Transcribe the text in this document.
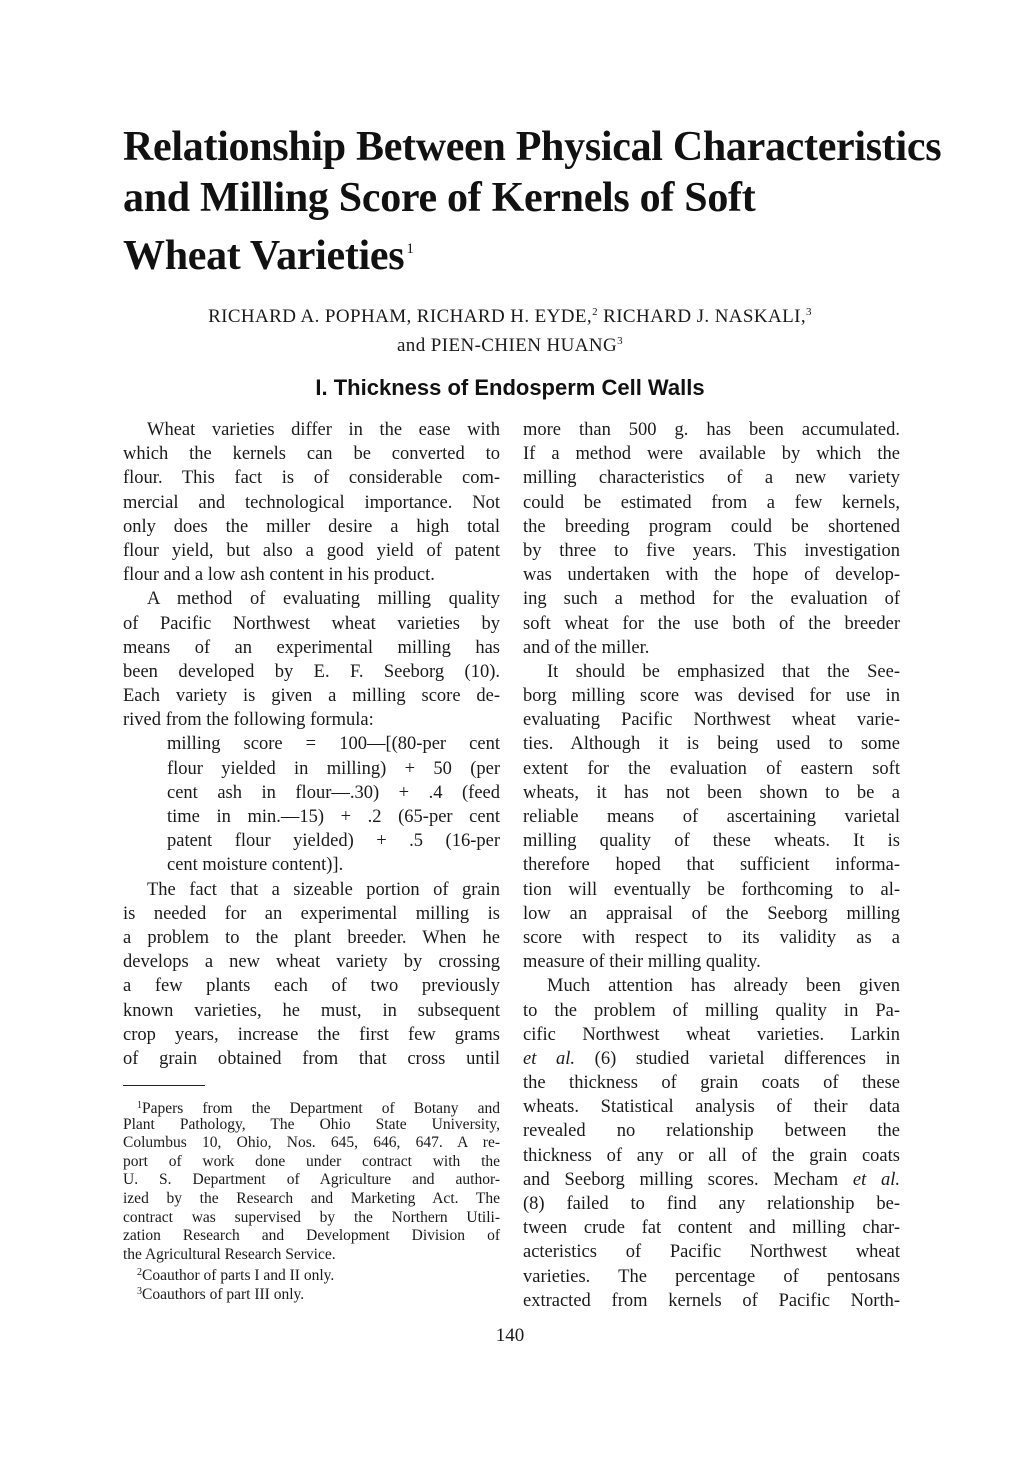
Relationship Between Physical Characteristics
and Milling Score of Kernels of Soft
Wheat Varieties $^1$
RICHARD A. POPHAM, RICHARD H. EYDE,$^2$ RICHARD J. NASKALI,$^3$
and PIEN-CHIEN HUANG$^3$
I. Thickness of Endosperm Cell Walls
Wheat varieties differ in the ease with
which the kernels can be converted to
flour. This fact is of considerable com-
mercial and technological importance. Not
only does the miller desire a high total
flour yield, but also a good yield of patent
flour and a low ash content in his product.
A method of evaluating milling quality
of Pacific Northwest wheat varieties by
means of an experimental milling has
been developed by E. F. Seeborg (10).
Each variety is given a milling score de-
rived from the following formula:
milling score = 100—[(80-per cent
flour yielded in milling) + 50 (per
cent ash in flour—.30) + .4 (feed
time in min.—15) + .2 (65-per cent
patent flour yielded) + .5 (16-per
cent moisture content)].
The fact that a sizeable portion of grain
is needed for an experimental milling is
a problem to the plant breeder. When he
develops a new wheat variety by crossing
a few plants each of two previously
known varieties, he must, in subsequent
crop years, increase the first few grams
of grain obtained from that cross until
$^1$Papers from the Department of Botany and
Plant Pathology, The Ohio State University,
Columbus 10, Ohio, Nos. 645, 646, 647. A re-
port of work done under contract with the
U. S. Department of Agriculture and author-
ized by the Research and Marketing Act. The
contract was supervised by the Northern Utili-
zation Research and Development Division of
the Agricultural Research Service.
$^2$Coauthor of parts I and II only.
$^3$Coauthors of part III only.
more than 500 g. has been accumulated.
If a method were available by which the
milling characteristics of a new variety
could be estimated from a few kernels,
the breeding program could be shortened
by three to five years. This investigation
was undertaken with the hope of develop-
ing such a method for the evaluation of
soft wheat for the use both of the breeder
and of the miller.
It should be emphasized that the See-
borg milling score was devised for use in
evaluating Pacific Northwest wheat varie-
ties. Although it is being used to some
extent for the evaluation of eastern soft
wheats, it has not been shown to be a
reliable means of ascertaining varietal
milling quality of these wheats. It is
therefore hoped that sufficient informa-
tion will eventually be forthcoming to al-
low an appraisal of the Seeborg milling
score with respect to its validity as a
measure of their milling quality.
Much attention has already been given
to the problem of milling quality in Pa-
cific Northwest wheat varieties. Larkin
et al. (6) studied varietal differences in
the thickness of grain coats of these
wheats. Statistical analysis of their data
revealed no relationship between the
thickness of any or all of the grain coats
and Seeborg milling scores. Mecham et al.
(8) failed to find any relationship be-
tween crude fat content and milling char-
acteristics of Pacific Northwest wheat
varieties. The percentage of pentosans
extracted from kernels of Pacific North-
140
